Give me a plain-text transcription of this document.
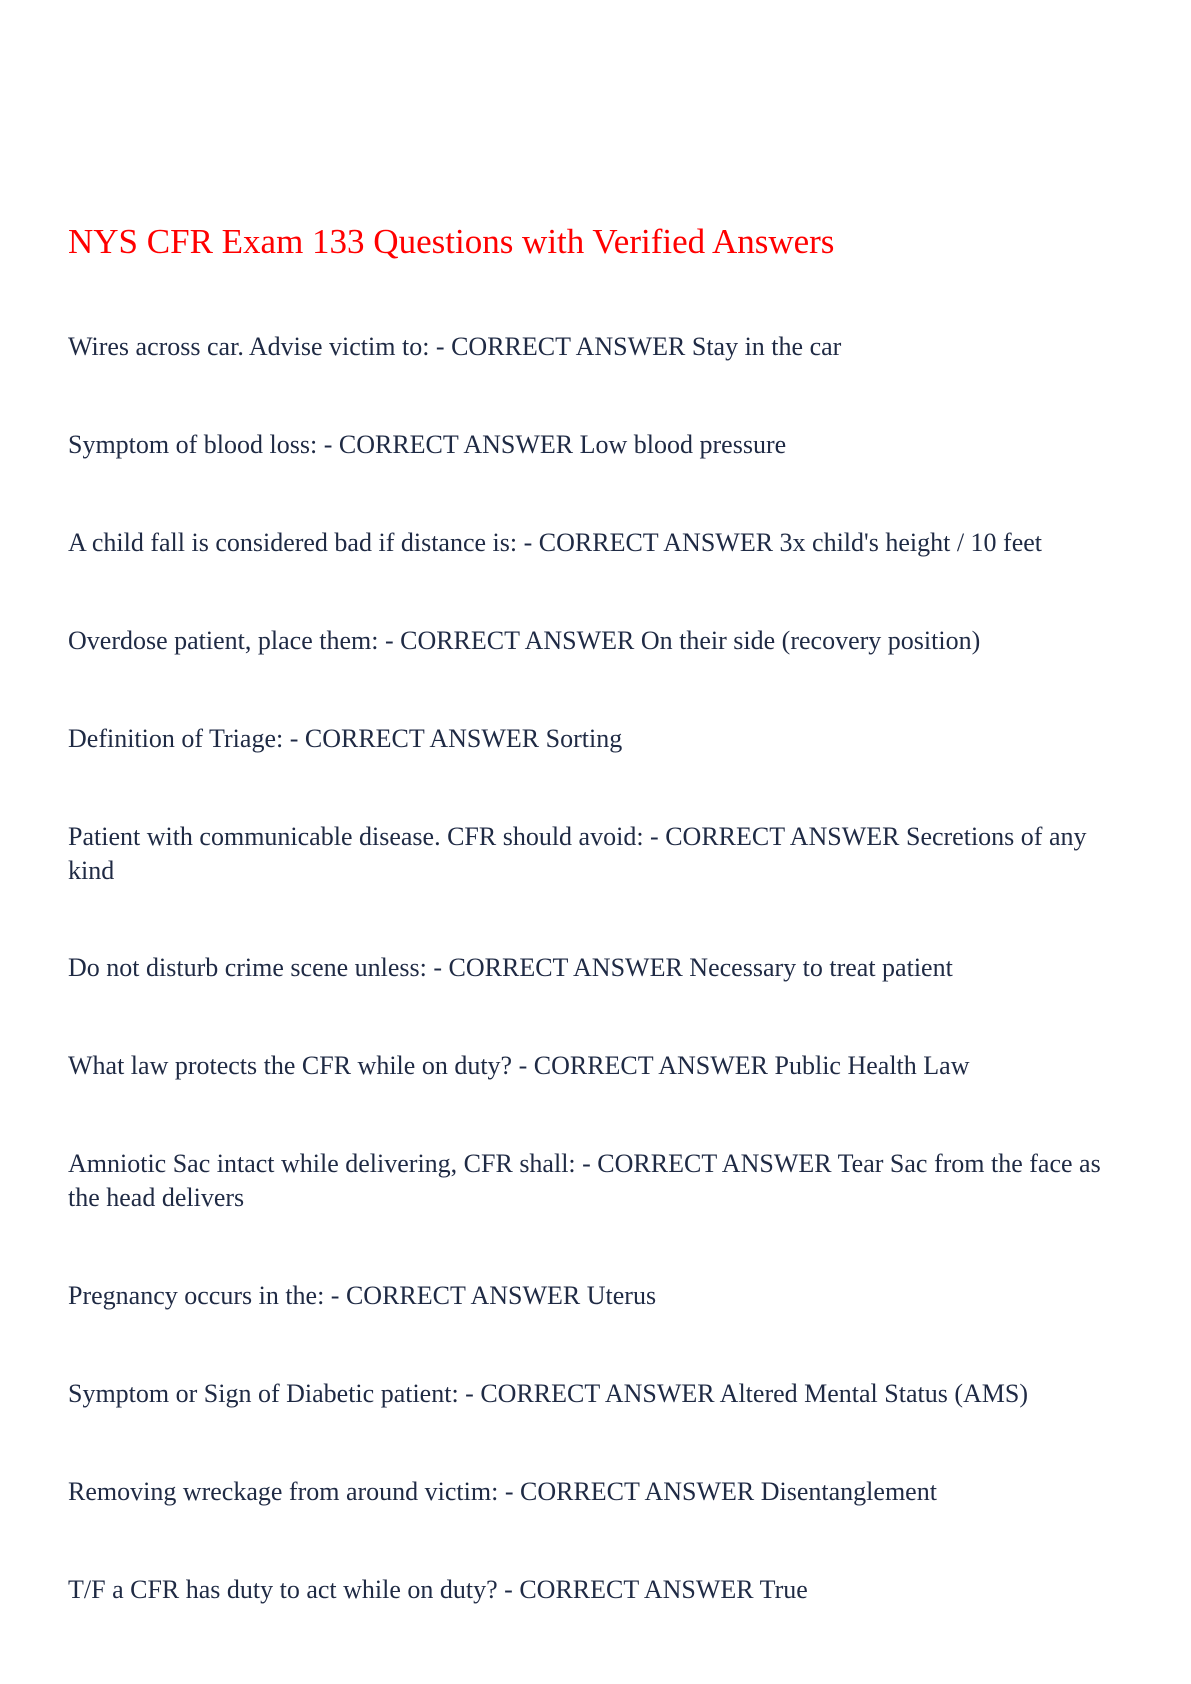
NYS CFR Exam 133 Questions with Verified Answers

Wires across car. Advise victim to: - CORRECT ANSWER Stay in the car

Symptom of blood loss: - CORRECT ANSWER Low blood pressure

A child fall is considered bad if distance is: - CORRECT ANSWER 3x child's height / 10 feet

Overdose patient, place them: - CORRECT ANSWER On their side (recovery position)

Definition of Triage: - CORRECT ANSWER Sorting

Patient with communicable disease. CFR should avoid: - CORRECT ANSWER Secretions of any kind

Do not disturb crime scene unless: - CORRECT ANSWER Necessary to treat patient

What law protects the CFR while on duty? - CORRECT ANSWER Public Health Law

Amniotic Sac intact while delivering, CFR shall: - CORRECT ANSWER Tear Sac from the face as the head delivers

Pregnancy occurs in the: - CORRECT ANSWER Uterus

Symptom or Sign of Diabetic patient: - CORRECT ANSWER Altered Mental Status (AMS)

Removing wreckage from around victim: - CORRECT ANSWER Disentanglement

T/F a CFR has duty to act while on duty? - CORRECT ANSWER True
